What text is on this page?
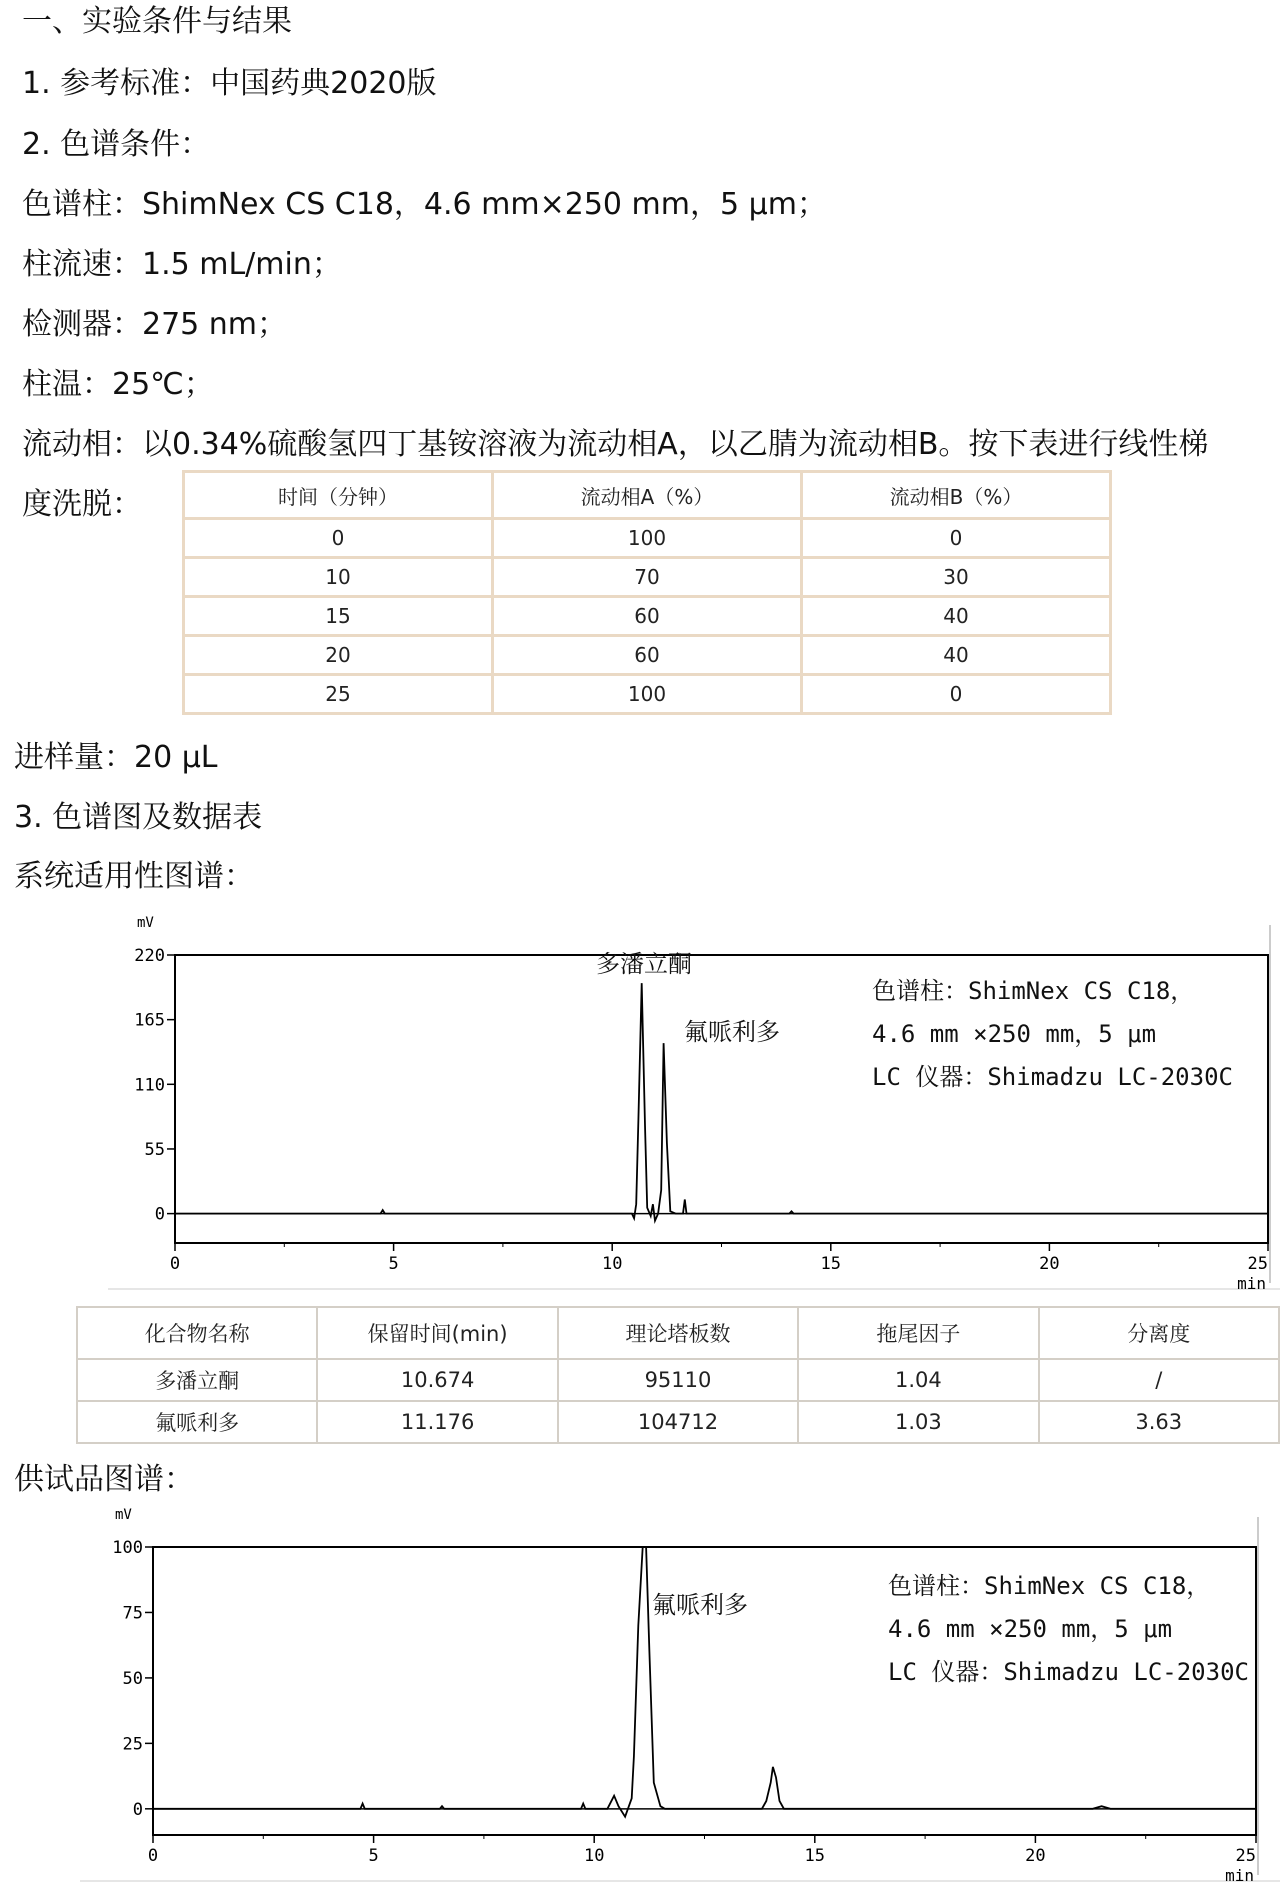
一、实验条件与结果
1. 参考标准：中国药典2020版
2. 色谱条件：
色谱柱：ShimNex CS C18，4.6 mm×250 mm，5 μm；
柱流速：1.5 mL/min；
检测器：275 nm；
柱温：25℃；
流动相：以0.34%硫酸氢四丁基铵溶液为流动相A，以乙腈为流动相B。按下表进行线性梯
度洗脱：	时间（分钟）	流动相A（%）	流动相B（%）
0	100	0
10	70	30
15	60	40
20	60	40
25	100	0
进样量：20 μL
3. 色谱图及数据表
系统适用性图谱：
0
55
110
165
220
0	5	10	15	20	25
min
mV
多潘立酮
氟哌利多
色谱柱：ShimNex CS C18，
4.6 mm ×250 mm，5 μm
LC 仪器：Shimadzu LC-2030C
化合物名称	保留时间(min)	理论塔板数	拖尾因子	分离度
多潘立酮	10.674	95110	1.04	/
氟哌利多	11.176	104712	1.03	3.63
供试品图谱：
0
25
50
75
100
0	5	10	15	20	25
min
mV
氟哌利多
色谱柱：ShimNex CS C18，
4.6 mm ×250 mm，5 μm
LC 仪器：Shimadzu LC-2030C
